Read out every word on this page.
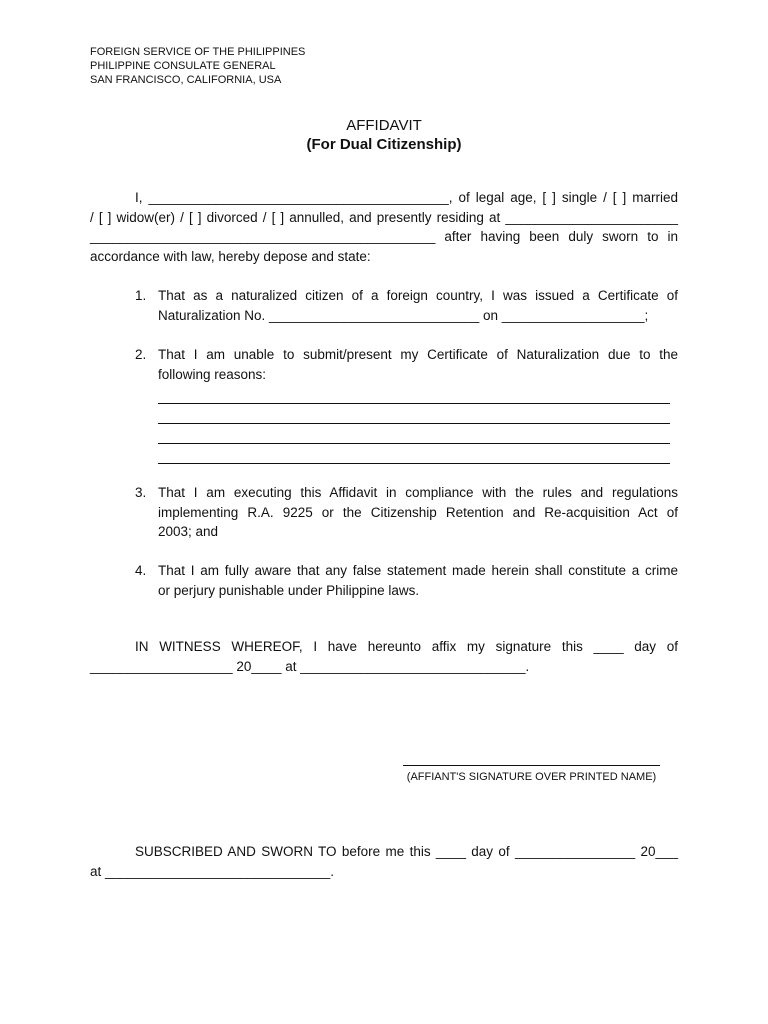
FOREIGN SERVICE OF THE PHILIPPINES
PHILIPPINE CONSULATE GENERAL
SAN FRANCISCO, CALIFORNIA, USA
AFFIDAVIT
(For Dual Citizenship)
I, ________________________________________, of legal age, [ ] single / [ ] married
/ [ ] widow(er) / [ ] divorced / [ ] annulled, and presently residing at _______________________
______________________________________________ after having been duly sworn to in
accordance with law, hereby depose and state:
1. That as a naturalized citizen of a foreign country, I was issued a Certificate of
Naturalization No. ____________________________ on ___________________;
2. That I am unable to submit/present my Certificate of Naturalization due to the
following reasons:
3. That I am executing this Affidavit in compliance with the rules and regulations
implementing R.A. 9225 or the Citizenship Retention and Re-acquisition Act of
2003; and
4. That I am fully aware that any false statement made herein shall constitute a crime
or perjury punishable under Philippine laws.
IN WITNESS WHEREOF, I have hereunto affix my signature this ____ day of
___________________ 20____ at ______________________________.
(AFFIANT'S SIGNATURE OVER PRINTED NAME)
SUBSCRIBED AND SWORN TO before me this ____ day of ________________ 20___
at ______________________________.
